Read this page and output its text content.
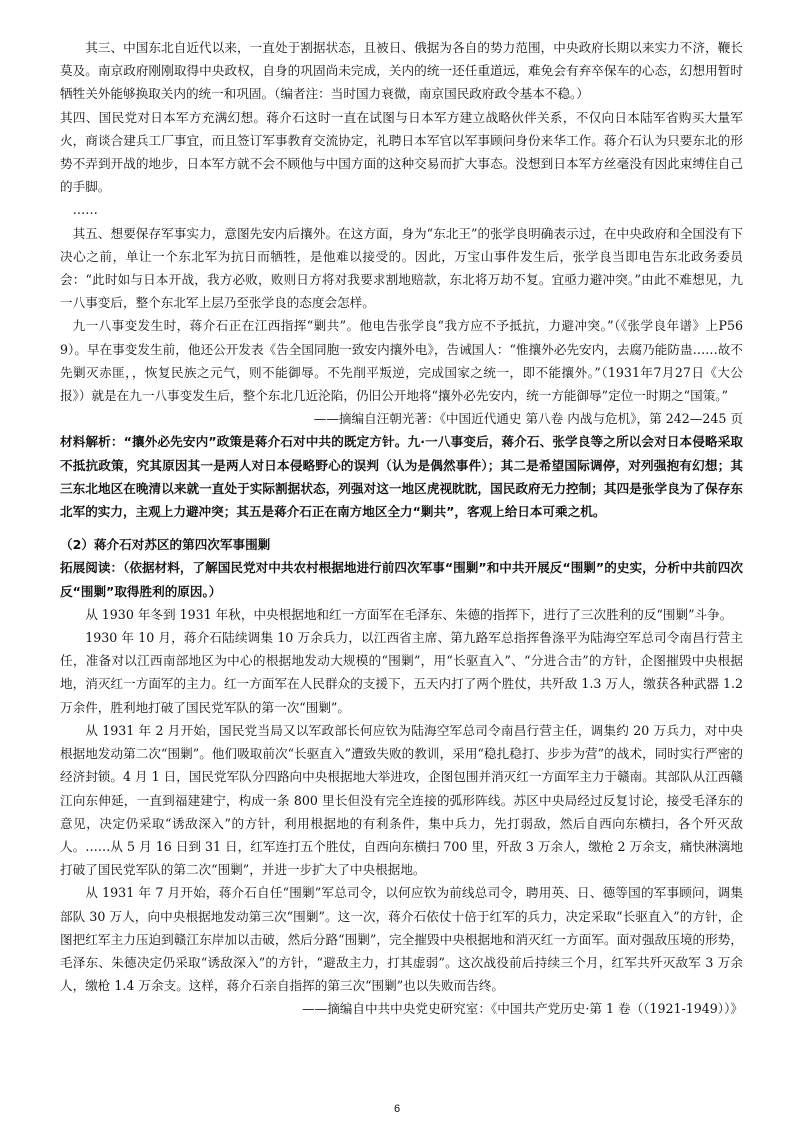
其三、中国东北自近代以来，一直处于割据状态，且被日、俄据为各自的势力范围，中央政府长期以来实力不济，鞭长莫及。南京政府刚刚取得中央政权，自身的巩固尚未完成，关内的统一还任重道远，难免会有弃卒保车的心态，幻想用暂时牺牲关外能够换取关内的统一和巩固。（编者注：当时国力衰微，南京国民政府政令基本不稳。）

其四、国民党对日本军方充满幻想。蒋介石这时一直在试图与日本军方建立战略伙伴关系，不仅向日本陆军省购买大量军火，商谈合建兵工厂事宜，而且签订军事教育交流协定，礼聘日本军官以军事顾问身份来华工作。蒋介石认为只要东北的形势不弄到开战的地步，日本军方就不会不顾他与中国方面的这种交易而扩大事态。没想到日本军方丝毫没有因此束缚住自己的手脚。

……

其五、想要保存军事实力，意图先安内后攘外。在这方面，身为“东北王”的张学良明确表示过，在中央政府和全国没有下决心之前，单让一个东北军为抗日而牺牲，是他难以接受的。因此，万宝山事件发生后，张学良当即电告东北政务委员会：“此时如与日本开战，我方必败，败则日方将对我要求割地赔款，东北将万劫不复。宜亟力避冲突。”由此不难想见，九一八事变后，整个东北军上层乃至张学良的态度会怎样。

九一八事变发生时，蒋介石正在江西指挥“剿共”。他电告张学良“我方应不予抵抗，力避冲突。”（《张学良年谱》上P569）。早在事变发生前，他还公开发表《告全国同胞一致安内攘外电》，告诫国人：“惟攘外必先安内，去腐乃能防蛊……故不先剿灭赤匪，，恢复民族之元气，则不能御辱。不先削平叛逆，完成国家之统一，即不能攘外。”（1931年7月27日《大公报》）就是在九一八事变发生后，整个东北几近沦陷，仍旧公开地将“攘外必先安内，统一方能御辱”定位一时期之“国策。”

——摘编自汪朝光著：《中国近代通史 第八卷 内战与危机》，第 242—245 页

材料解析：“攘外必先安内”政策是蒋介石对中共的既定方针。九·一八事变后，蒋介石、张学良等之所以会对日本侵略采取不抵抗政策，究其原因其一是两人对日本侵略野心的误判（认为是偶然事件）；其二是希望国际调停，对列强抱有幻想；其三东北地区在晚清以来就一直处于实际割据状态，列强对这一地区虎视眈眈，国民政府无力控制；其四是张学良为了保存东北军的实力，主观上力避冲突；其五是蒋介石正在南方地区全力“剿共”，客观上给日本可乘之机。

（2）蒋介石对苏区的第四次军事围剿

拓展阅读：（依据材料，了解国民党对中共农村根据地进行前四次军事“围剿”和中共开展反“围剿”的史实，分析中共前四次反“围剿”取得胜利的原因。）

从 1930 年冬到 1931 年秋，中央根据地和红一方面军在毛泽东、朱德的指挥下，进行了三次胜利的反“围剿”斗争。

1930 年 10 月，蒋介石陆续调集 10 万余兵力，以江西省主席、第九路军总指挥鲁涤平为陆海空军总司令南昌行营主任，准备对以江西南部地区为中心的根据地发动大规模的“围剿”，用“长驱直入”、“分进合击”的方针，企图摧毁中央根据地，消灭红一方面军的主力。红一方面军在人民群众的支援下，五天内打了两个胜仗，共歼敌 1.3 万人，缴获各种武器 1.2 万余件，胜利地打破了国民党军队的第一次“围剿”。

从 1931 年 2 月开始，国民党当局又以军政部长何应钦为陆海空军总司令南昌行营主任，调集约 20 万兵力，对中央根据地发动第二次“围剿”。他们吸取前次“长驱直入”遭致失败的教训，采用“稳扎稳打、步步为营”的战术，同时实行严密的经济封锁。4 月 1 日，国民党军队分四路向中央根据地大举进攻，企图包围并消灭红一方面军主力于赣南。其部队从江西赣江向东伸延，一直到福建建宁，构成一条 800 里长但没有完全连接的弧形阵线。苏区中央局经过反复讨论，接受毛泽东的意见，决定仍采取“诱敌深入”的方针，利用根据地的有利条件，集中兵力，先打弱敌，然后自西向东横扫，各个歼灭敌人。……从 5 月 16 日到 31 日，红军连打五个胜仗，自西向东横扫 700 里，歼敌 3 万余人，缴枪 2 万余支，痛快淋漓地打破了国民党军队的第二次“围剿”，并进一步扩大了中央根据地。

从 1931 年 7 月开始，蒋介石自任“围剿”军总司令，以何应钦为前线总司令，聘用英、日、德等国的军事顾问，调集部队 30 万人，向中央根据地发动第三次“围剿”。这一次，蒋介石依仗十倍于红军的兵力，决定采取“长驱直入”的方针，企图把红军主力压迫到赣江东岸加以击破，然后分路“围剿”，完全摧毁中央根据地和消灭红一方面军。面对强敌压境的形势，毛泽东、朱德决定仍采取“诱敌深入”的方针，“避敌主力，打其虚弱”。这次战役前后持续三个月，红军共歼灭敌军 3 万余人，缴枪 1.4 万余支。这样，蒋介石亲自指挥的第三次“围剿”也以失败而告终。

——摘编自中共中央党史研究室：《中国共产党历史·第 1 卷（（1921-1949））》

6
